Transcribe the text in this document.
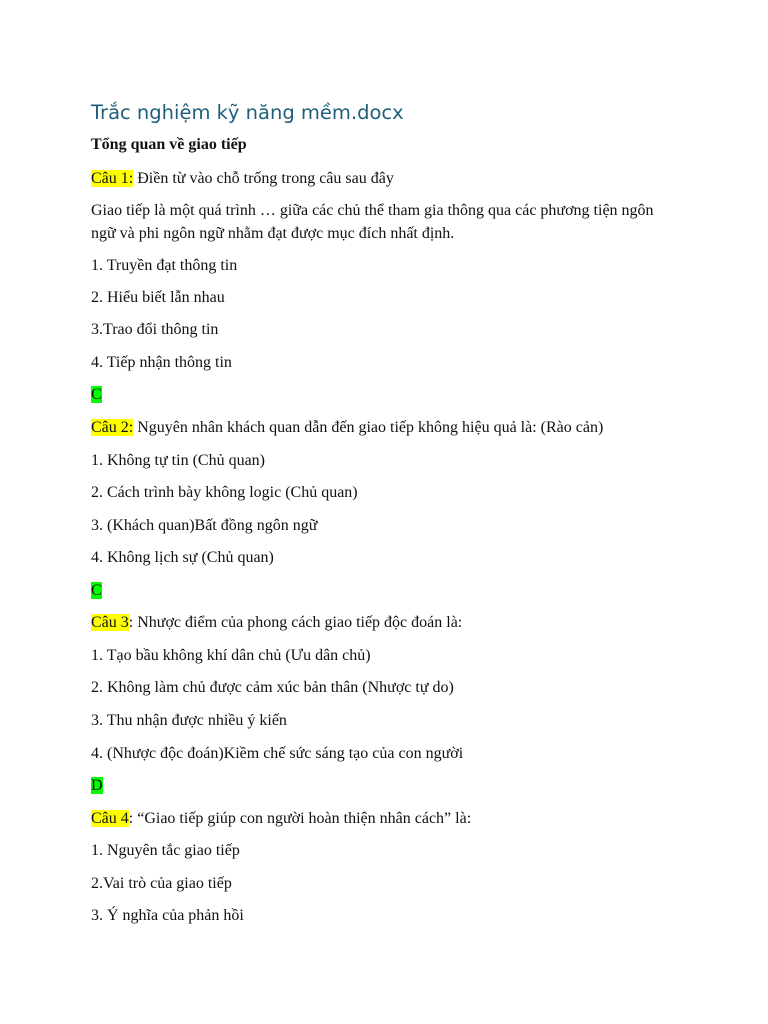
Trắc nghiệm kỹ năng mềm.docx
Tổng quan về giao tiếp
Câu 1: Điền từ vào chỗ trống trong câu sau đây
Giao tiếp là một quá trình … giữa các chủ thể tham gia thông qua các phương tiện ngôn ngữ và phi ngôn ngữ nhằm đạt được mục đích nhất định.
1. Truyền đạt thông tin
2. Hiểu biết lẫn nhau
3.Trao đổi thông tin
4. Tiếp nhận thông tin
C
Câu 2: Nguyên nhân khách quan dẫn đến giao tiếp không hiệu quả là: (Rào cản)
1. Không tự tin (Chủ quan)
2. Cách trình bày không logic (Chủ quan)
3. (Khách quan)Bất đồng ngôn ngữ
4. Không lịch sự (Chủ quan)
C
Câu 3: Nhược điểm của phong cách giao tiếp độc đoán là:
1. Tạo bầu không khí dân chủ (Ưu dân chủ)
2. Không làm chủ được cảm xúc bản thân (Nhược tự do)
3. Thu nhận được nhiều ý kiến
4. (Nhược độc đoán)Kiềm chế sức sáng tạo của con người
D
Câu 4: “Giao tiếp giúp con người hoàn thiện nhân cách” là:
1. Nguyên tắc giao tiếp
2.Vai trò của giao tiếp
3. Ý nghĩa của phản hồi
